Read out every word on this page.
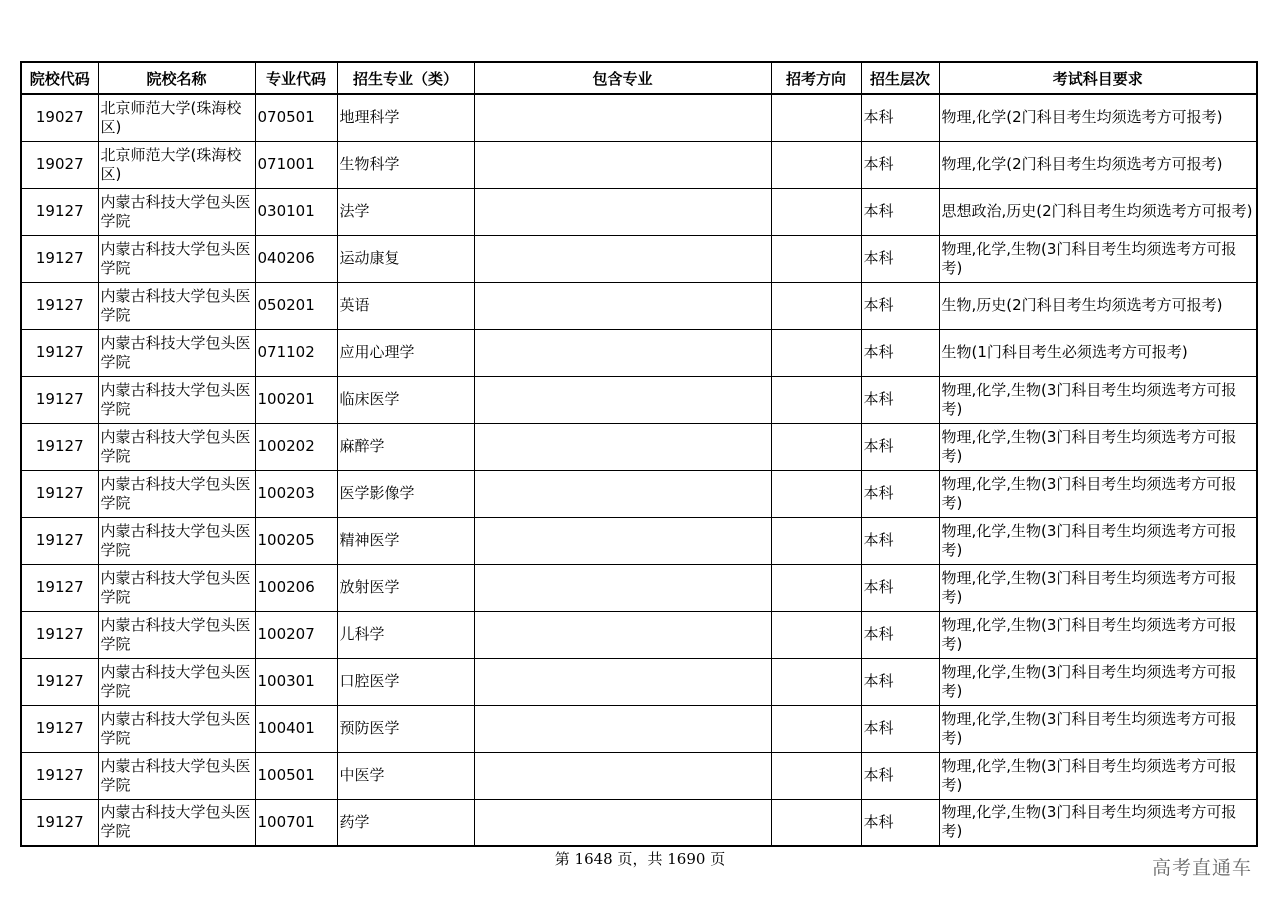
院校代码	院校名称	专业代码	招生专业（类）	包含专业	招考方向	招生层次	考试科目要求
19027	北京师范大学(珠海校区)	070501	地理科学			本科	物理,化学(2门科目考生均须选考方可报考)
19027	北京师范大学(珠海校区)	071001	生物科学			本科	物理,化学(2门科目考生均须选考方可报考)
19127	内蒙古科技大学包头医学院	030101	法学			本科	思想政治,历史(2门科目考生均须选考方可报考)
19127	内蒙古科技大学包头医学院	040206	运动康复			本科	物理,化学,生物(3门科目考生均须选考方可报考)
19127	内蒙古科技大学包头医学院	050201	英语			本科	生物,历史(2门科目考生均须选考方可报考)
19127	内蒙古科技大学包头医学院	071102	应用心理学			本科	生物(1门科目考生必须选考方可报考)
19127	内蒙古科技大学包头医学院	100201	临床医学			本科	物理,化学,生物(3门科目考生均须选考方可报考)
19127	内蒙古科技大学包头医学院	100202	麻醉学			本科	物理,化学,生物(3门科目考生均须选考方可报考)
19127	内蒙古科技大学包头医学院	100203	医学影像学			本科	物理,化学,生物(3门科目考生均须选考方可报考)
19127	内蒙古科技大学包头医学院	100205	精神医学			本科	物理,化学,生物(3门科目考生均须选考方可报考)
19127	内蒙古科技大学包头医学院	100206	放射医学			本科	物理,化学,生物(3门科目考生均须选考方可报考)
19127	内蒙古科技大学包头医学院	100207	儿科学			本科	物理,化学,生物(3门科目考生均须选考方可报考)
19127	内蒙古科技大学包头医学院	100301	口腔医学			本科	物理,化学,生物(3门科目考生均须选考方可报考)
19127	内蒙古科技大学包头医学院	100401	预防医学			本科	物理,化学,生物(3门科目考生均须选考方可报考)
19127	内蒙古科技大学包头医学院	100501	中医学			本科	物理,化学,生物(3门科目考生均须选考方可报考)
19127	内蒙古科技大学包头医学院	100701	药学			本科	物理,化学,生物(3门科目考生均须选考方可报考)
第 1648 页，共 1690 页	高考直通车
